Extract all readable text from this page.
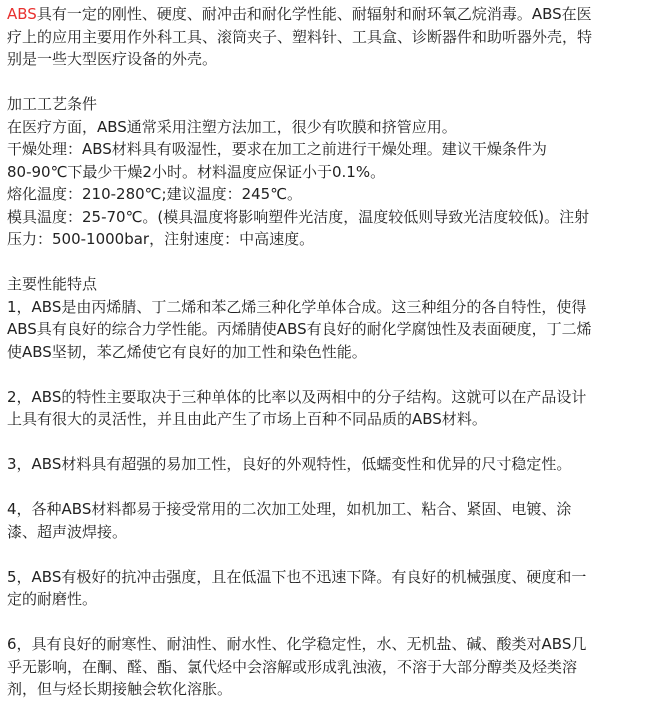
ABS具有一定的刚性、硬度、耐冲击和耐化学性能、耐辐射和耐环氧乙烷消毒。ABS在医
疗上的应用主要用作外科工具、滚筒夹子、塑料针、工具盒、诊断器件和助听器外壳，特
别是一些大型医疗设备的外壳。
加工工艺条件
在医疗方面，ABS通常采用注塑方法加工，很少有吹膜和挤管应用。
干燥处理：ABS材料具有吸湿性，要求在加工之前进行干燥处理。建议干燥条件为
80-90℃下最少干燥2小时。材料温度应保证小于0.1%。
熔化温度：210-280℃;建议温度：245℃。
模具温度：25-70℃。(模具温度将影响塑件光洁度，温度较低则导致光洁度较低)。注射
压力：500-1000bar，注射速度：中高速度。
主要性能特点
1，ABS是由丙烯腈、丁二烯和苯乙烯三种化学单体合成。这三种组分的各自特性，使得
ABS具有良好的综合力学性能。丙烯腈使ABS有良好的耐化学腐蚀性及表面硬度，丁二烯
使ABS坚韧，苯乙烯使它有良好的加工性和染色性能。
2，ABS的特性主要取决于三种单体的比率以及两相中的分子结构。这就可以在产品设计
上具有很大的灵活性，并且由此产生了市场上百种不同品质的ABS材料。
3，ABS材料具有超强的易加工性，良好的外观特性，低蠕变性和优异的尺寸稳定性。
4，各种ABS材料都易于接受常用的二次加工处理，如机加工、粘合、紧固、电镀、涂
漆、超声波焊接。
5，ABS有极好的抗冲击强度，且在低温下也不迅速下降。有良好的机械强度、硬度和一
定的耐磨性。
6，具有良好的耐寒性、耐油性、耐水性、化学稳定性，水、无机盐、碱、酸类对ABS几
乎无影响，在酮、醛、酯、氯代烃中会溶解或形成乳浊液，不溶于大部分醇类及烃类溶
剂，但与烃长期接触会软化溶胀。
